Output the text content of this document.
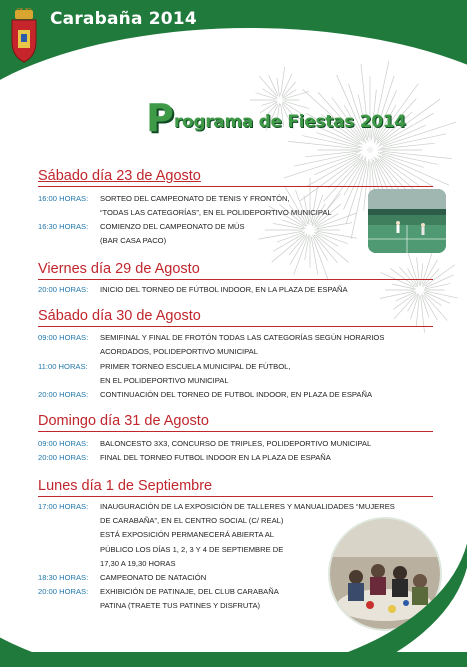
Carabaña 2014
Programa de Fiestas 2014
Sábado día 23 de Agosto
16:00 HORAS: SORTEO DEL CAMPEONATO DE TENIS Y FRONTÓN,
“TODAS LAS CATEGORÍAS”, EN EL POLIDEPORTIVO MUNICIPAL
16:30 HORAS: COMIENZO DEL CAMPEONATO DE MÚS
(BAR CASA PACO)
Viernes día 29 de Agosto
20:00 HORAS: INICIO DEL TORNEO DE FÚTBOL INDOOR, EN LA PLAZA DE ESPAÑA
Sábado día 30 de Agosto
09:00 HORAS: SEMIFINAL Y FINAL DE FROTÓN TODAS LAS CATEGORÍAS SEGÚN HORARIOS
ACORDADOS, POLIDEPORTIVO MUNICIPAL
11:00 HORAS: PRIMER TORNEO ESCUELA MUNICIPAL DE FÚTBOL,
EN EL POLIDEPORTIVO MUNICIPAL
20:00 HORAS: CONTINUACIÓN DEL TORNEO DE FUTBOL INDOOR, EN PLAZA DE ESPAÑA
Domingo día 31 de Agosto
09:00 HORAS: BALONCESTO 3X3, CONCURSO DE TRIPLES, POLIDEPORTIVO MUNICIPAL
20:00 HORAS: FINAL DEL TORNEO FUTBOL INDOOR EN LA PLAZA DE ESPAÑA
Lunes día 1 de Septiembre
17:00 HORAS: INAUGURACIÓN DE LA EXPOSICIÓN DE TALLERES Y MANUALIDADES “MUJERES
DE CARABAÑA”, EN EL CENTRO SOCIAL (C/ REAL)
ESTÁ EXPOSICIÓN PERMANECERÁ ABIERTA AL
PÚBLICO LOS DÍAS 1, 2, 3 Y 4 DE SEPTIEMBRE DE
17,30 A 19,30 HORAS
18:30 HORAS: CAMPEONATO DE NATACIÓN
20:00 HORAS: EXHIBICIÓN DE PATINAJE, DEL CLUB CARABAÑA
PATINA (TRAETE TUS PATINES Y DISFRUTA)
